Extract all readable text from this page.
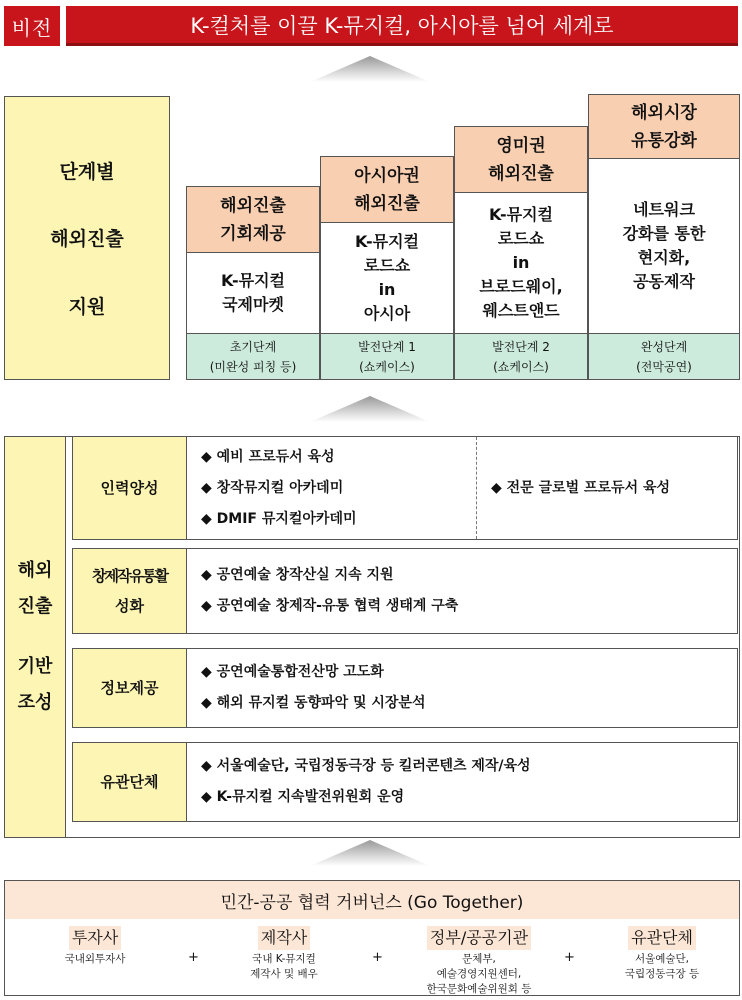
비전	K-컬처를 이끌 K-뮤지컬, 아시아를 넘어 세계로
단계별
해외진출
지원
해외진출
기회제공
K-뮤지컬
국제마켓
초기단계
(미완성 피칭 등)
아시아권
해외진출
K-뮤지컬
로드쇼
in
아시아
발전단계 1
(쇼케이스)
영미권
해외진출
K-뮤지컬
로드쇼
in
브로드웨이,
웨스트앤드
발전단계 2
(쇼케이스)
해외시장
유통강화
네트워크
강화를 통한
현지화,
공동제작
완성단계
(전막공연)
해외
진출
기반
조성
인력양성
◆ 예비 프로듀서 육성
◆ 창작뮤지컬 아카데미
◆ DMIF 뮤지컬아카데미
◆ 전문 글로벌 프로듀서 육성
창제작유통활
성화
◆ 공연예술 창작산실 지속 지원
◆ 공연예술 창제작-유통 협력 생태계 구축
정보제공
◆ 공연예술통합전산망 고도화
◆ 해외 뮤지컬 동향파악 및 시장분석
유관단체
◆ 서울예술단, 국립정동극장 등 킬러콘텐츠 제작/육성
◆ K-뮤지컬 지속발전위원회 운영
민간-공공 협력 거버넌스 (Go Together)
투자사
국내외투자사	+
제작사
국내 K-뮤지컬
제작사 및 배우
+
정부/공공기관
문체부,
예술경영지원센터,
한국문화예술위원회 등
+
유관단체
서울예술단,
국립정동극장 등
